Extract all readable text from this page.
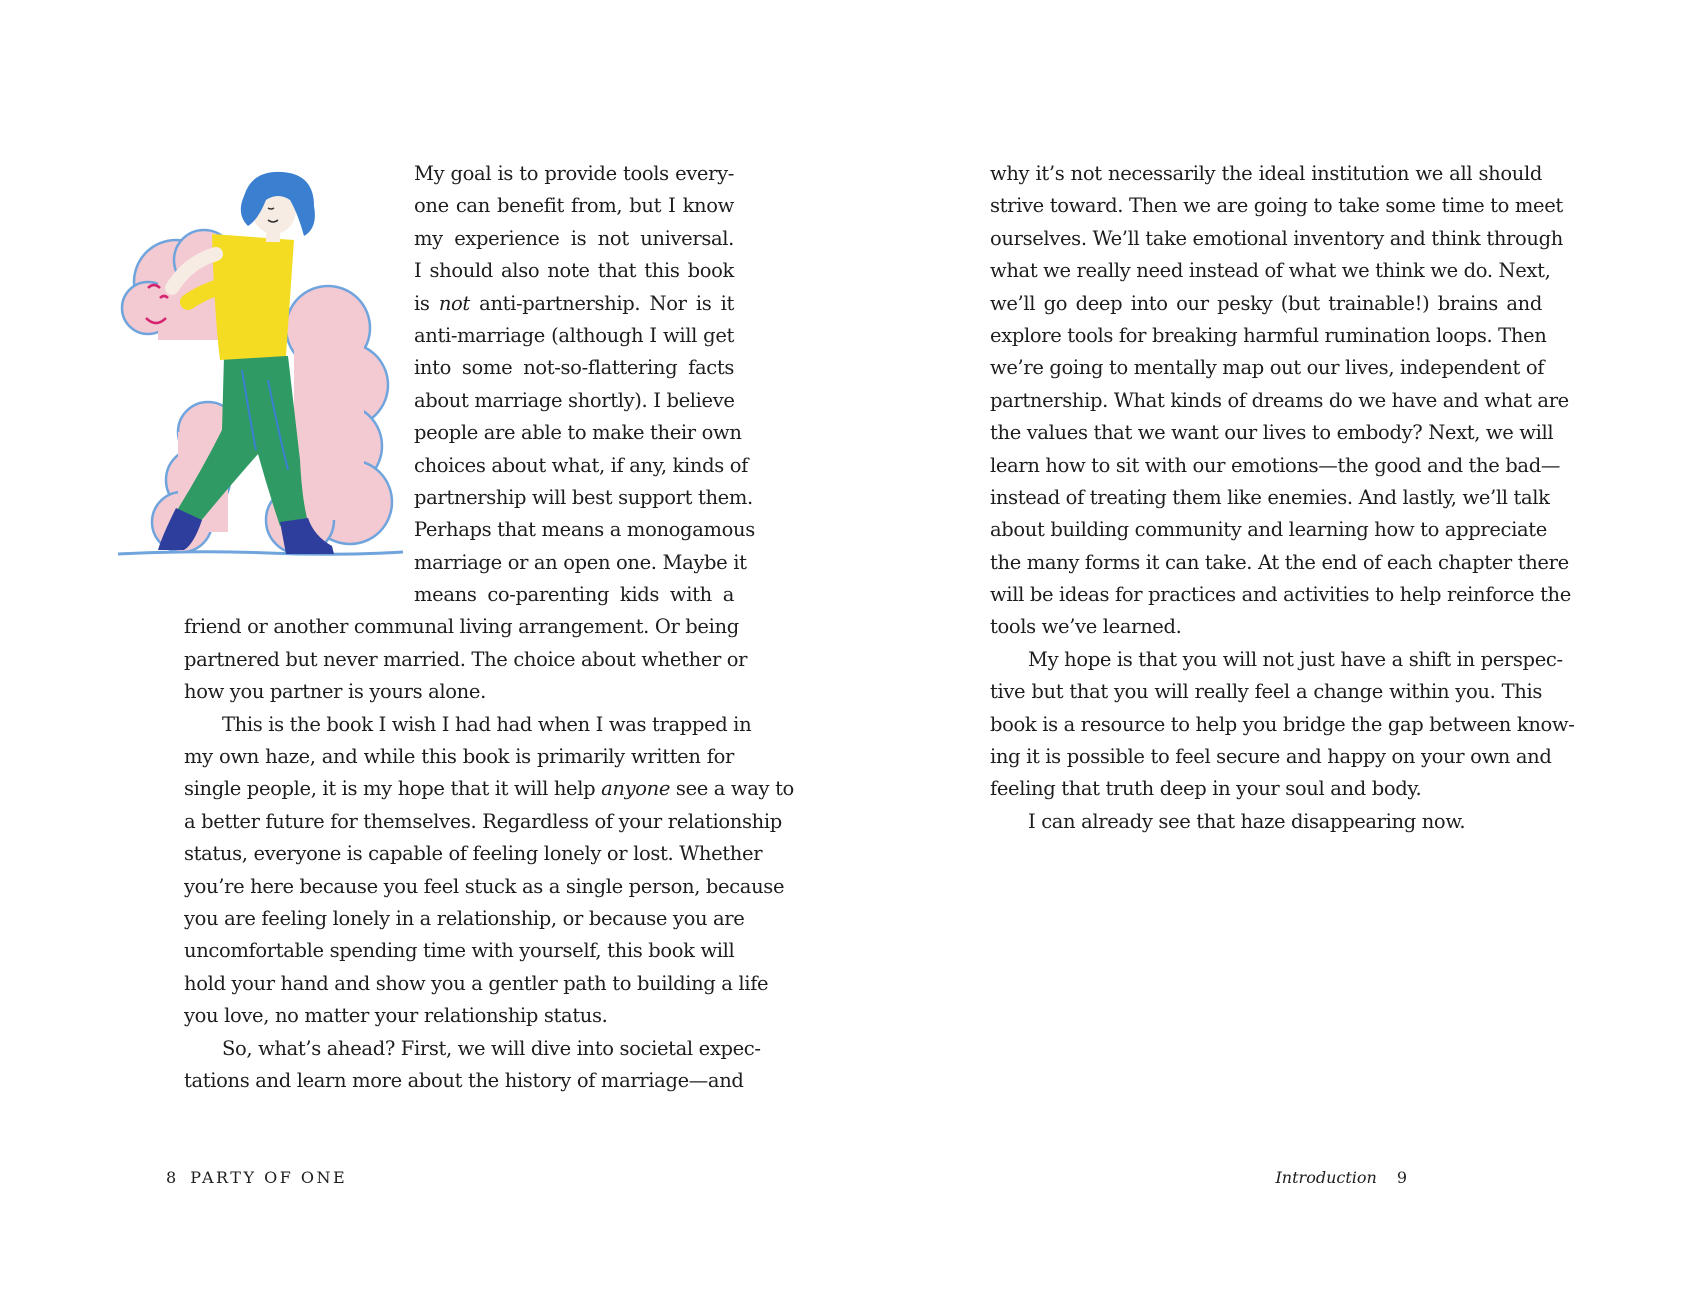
My goal is to provide tools every-
one can benefit from, but I know
my experience is not universal.
I should also note that this book
is not anti-partnership. Nor is it
anti-marriage (although I will get
into some not-so-flattering facts
about marriage shortly). I believe
people are able to make their own
choices about what, if any, kinds of
partnership will best support them.
Perhaps that means a monogamous
marriage or an open one. Maybe it
means co-parenting kids with a
friend or another communal living arrangement. Or being
partnered but never married. The choice about whether or
how you partner is yours alone.
This is the book I wish I had had when I was trapped in
my own haze, and while this book is primarily written for
single people, it is my hope that it will help anyone see a way to
a better future for themselves. Regardless of your relationship
status, everyone is capable of feeling lonely or lost. Whether
you’re here because you feel stuck as a single person, because
you are feeling lonely in a relationship, or because you are
uncomfortable spending time with yourself, this book will
hold your hand and show you a gentler path to building a life
you love, no matter your relationship status.
So, what’s ahead? First, we will dive into societal expec-
tations and learn more about the history of marriage—and
8 PARTY OF ONE
why it’s not necessarily the ideal institution we all should
strive toward. Then we are going to take some time to meet
ourselves. We’ll take emotional inventory and think through
what we really need instead of what we think we do. Next,
we’ll go deep into our pesky (but trainable!) brains and
explore tools for breaking harmful rumination loops. Then
we’re going to mentally map out our lives, independent of
partnership. What kinds of dreams do we have and what are
the values that we want our lives to embody? Next, we will
learn how to sit with our emotions—the good and the bad—
instead of treating them like enemies. And lastly, we’ll talk
about building community and learning how to appreciate
the many forms it can take. At the end of each chapter there
will be ideas for practices and activities to help reinforce the
tools we’ve learned.
My hope is that you will not just have a shift in perspec-
tive but that you will really feel a change within you. This
book is a resource to help you bridge the gap between know-
ing it is possible to feel secure and happy on your own and
feeling that truth deep in your soul and body.
I can already see that haze disappearing now.
Introduction 9
